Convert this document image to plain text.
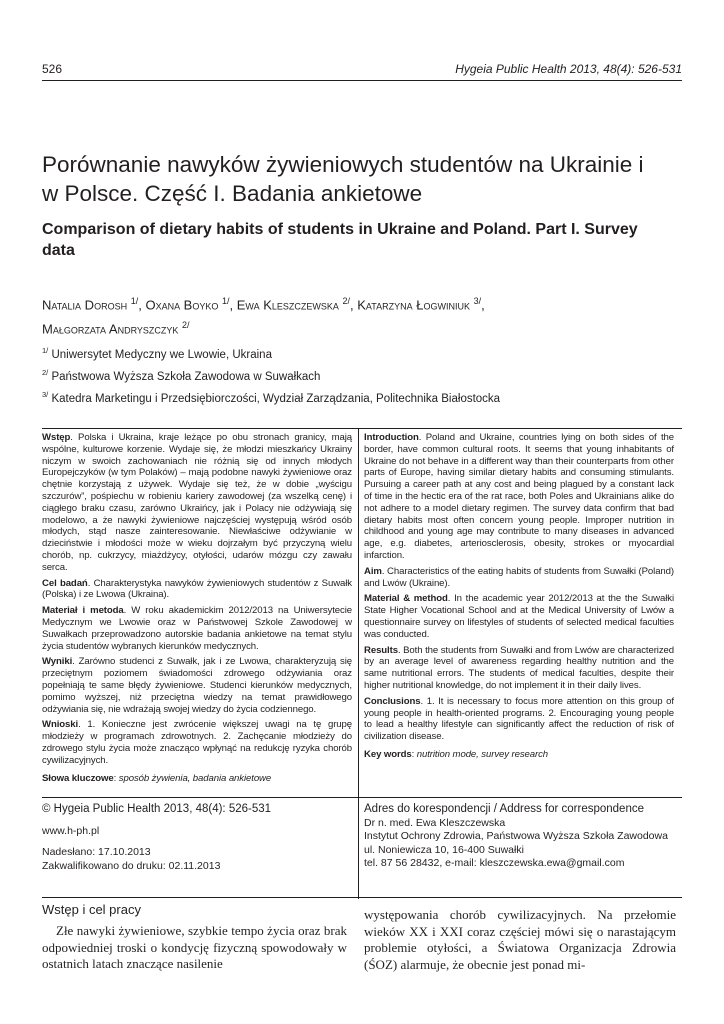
526	Hygeia Public Health 2013, 48(4): 526-531
Porównanie nawyków żywieniowych studentów na Ukrainie i w Polsce. Część I. Badania ankietowe
Comparison of dietary habits of students in Ukraine and Poland. Part I. Survey data
Natalia Dorosh $^{1/}$, Oxana Boyko $^{1/}$, Ewa Kleszczewska $^{2/}$, Katarzyna Łogwiniuk $^{3/}$,
Małgorzata Andryszczyk $^{2/}$
$^{1/}$ Uniwersytet Medyczny we Lwowie, Ukraina
$^{2/}$ Państwowa Wyższa Szkoła Zawodowa w Suwałkach
$^{3/}$ Katedra Marketingu i Przedsiębiorczości, Wydział Zarządzania, Politechnika Białostocka

Wstęp. Polska i Ukraina, kraje leżące po obu stronach granicy, mają wspólne, kulturowe korzenie. Wydaje się, że młodzi mieszkańcy Ukrainy niczym w swoich zachowaniach nie różnią się od innych młodych Europejczyków (w tym Polaków) – mają podobne nawyki żywieniowe oraz chętnie korzystają z używek. Wydaje się też, że w dobie „wyścigu szczurów”, pośpiechu w robieniu kariery zawodowej (za wszelką cenę) i ciągłego braku czasu, zarówno Ukraińcy, jak i Polacy nie odżywiają się modelowo, a że nawyki żywieniowe najczęściej występują wśród osób młodych, stąd nasze zainteresowanie. Niewłaściwe odżywianie w dzieciństwie i młodości może w wieku dojrzałym być przyczyną wielu chorób, np. cukrzycy, miażdżycy, otyłości, udarów mózgu czy zawału serca.

Cel badań. Charakterystyka nawyków żywieniowych studentów z Suwałk (Polska) i ze Lwowa (Ukraina).

Materiał i metoda. W roku akademickim 2012/2013 na Uniwersytecie Medycznym we Lwowie oraz w Państwowej Szkole Zawodowej w Suwałkach przeprowadzono autorskie badania ankietowe na temat stylu życia studentów wybranych kierunków medycznych.

Wyniki. Zarówno studenci z Suwałk, jak i ze Lwowa, charakteryzują się przeciętnym poziomem świadomości zdrowego odżywiania oraz popełniają te same błędy żywieniowe. Studenci kierunków medycznych, pomimo wyższej, niż przeciętna wiedzy na temat prawidłowego odżywiania się, nie wdrażają swojej wiedzy do życia codziennego.

Wnioski. 1. Konieczne jest zwrócenie większej uwagi na tę grupę młodzieży w programach zdrowotnych. 2. Zachęcanie młodzieży do zdrowego stylu życia może znacząco wpłynąć na redukcję ryzyka chorób cywilizacyjnych.

Słowa kluczowe: sposób żywienia, badania ankietowe

Introduction. Poland and Ukraine, countries lying on both sides of the border, have common cultural roots. It seems that young inhabitants of Ukraine do not behave in a different way than their counterparts from other parts of Europe, having similar dietary habits and consuming stimulants. Pursuing a career path at any cost and being plagued by a constant lack of time in the hectic era of the rat race, both Poles and Ukrainians alike do not adhere to a model dietary regimen. The survey data confirm that bad dietary habits most often concern young people. Improper nutrition in childhood and young age may contribute to many diseases in advanced age, e.g. diabetes, arteriosclerosis, obesity, strokes or myocardial infarction.

Aim. Characteristics of the eating habits of students from Suwałki (Poland) and Lwów (Ukraine).

Material & method. In the academic year 2012/2013 at the the Suwałki State Higher Vocational School and at the Medical University of Lwów a questionnaire survey on lifestyles of students of selected medical faculties was conducted.

Results. Both the students from Suwałki and from Lwów are characterized by an average level of awareness regarding healthy nutrition and the same nutritional errors. The students of medical faculties, despite their higher nutritional knowledge, do not implement it in their daily lives.

Conclusions. 1. It is necessary to focus more attention on this group of young people in health-oriented programs. 2. Encouraging young people to lead a healthy lifestyle can significantly affect the reduction of risk of civilization disease.

Key words: nutrition mode, survey research

© Hygeia Public Health 2013, 48(4): 526-531
www.h-ph.pl
Nadesłano: 17.10.2013
Zakwalifikowano do druku: 02.11.2013
Adres do korespondencji / Address for correspondence
Dr n. med. Ewa Kleszczewska
Instytut Ochrony Zdrowia, Państwowa Wyższa Szkoła Zawodowa
ul. Noniewicza 10, 16-400 Suwałki
tel. 87 56 28432, e-mail: kleszczewska.ewa@gmail.com
Wstęp i cel pracy

Złe nawyki żywieniowe, szybkie tempo życia oraz brak odpowiedniej troski o kondycję fizyczną spowodowały w ostatnich latach znaczące nasilenie

występowania chorób cywilizacyjnych. Na przełomie wieków XX i XXI coraz częściej mówi się o narastającym problemie otyłości, a Światowa Organizacja Zdrowia (ŚOZ) alarmuje, że obecnie jest ponad mi-
